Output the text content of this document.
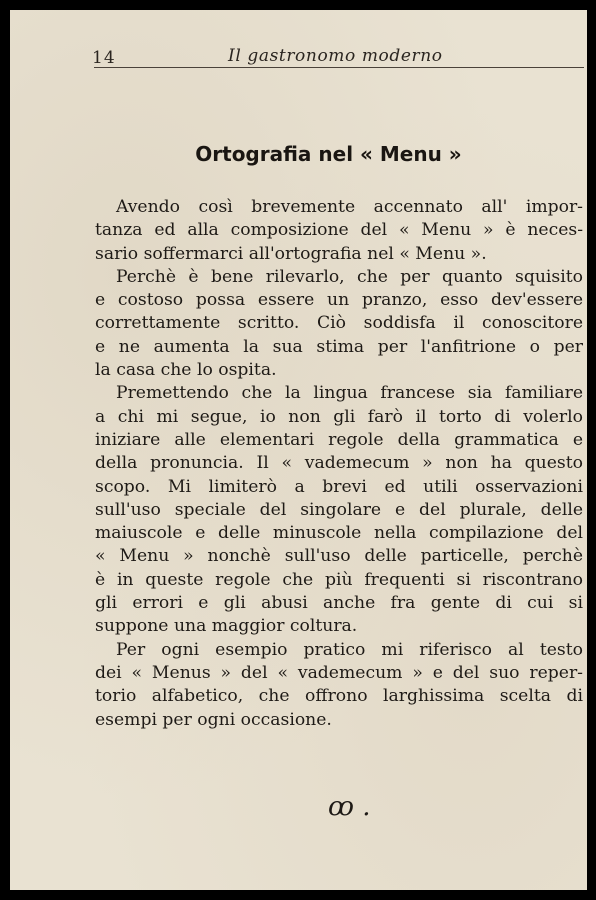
14	Il gastronomo moderno
Ortografia nel « Menu »
Avendo così brevemente accennato all' impor-
tanza ed alla composizione del « Menu » è neces-
sario soffermarci all'ortografia nel « Menu ».
Perchè è bene rilevarlo, che per quanto squisito
e costoso possa essere un pranzo, esso dev'essere
correttamente scritto. Ciò soddisfa il conoscitore
e ne aumenta la sua stima per l'anfitrione o per
la casa che lo ospita.
Premettendo che la lingua francese sia familiare
a chi mi segue, io non gli farò il torto di volerlo
iniziare alle elementari regole della grammatica e
della pronuncia. Il « vademecum » non ha questo
scopo. Mi limiterò a brevi ed utili osservazioni
sull'uso speciale del singolare e del plurale, delle
maiuscole e delle minuscole nella compilazione del
« Menu » nonchè sull'uso delle particelle, perchè
è in queste regole che più frequenti si riscontrano
gli errori e gli abusi anche fra gente di cui si
suppone una maggior coltura.
Per ogni esempio pratico mi riferisco al testo
dei « Menus » del « vademecum » e del suo reper-
torio alfabetico, che offrono larghissima scelta di
esempi per ogni occasione.
ꝏ .
